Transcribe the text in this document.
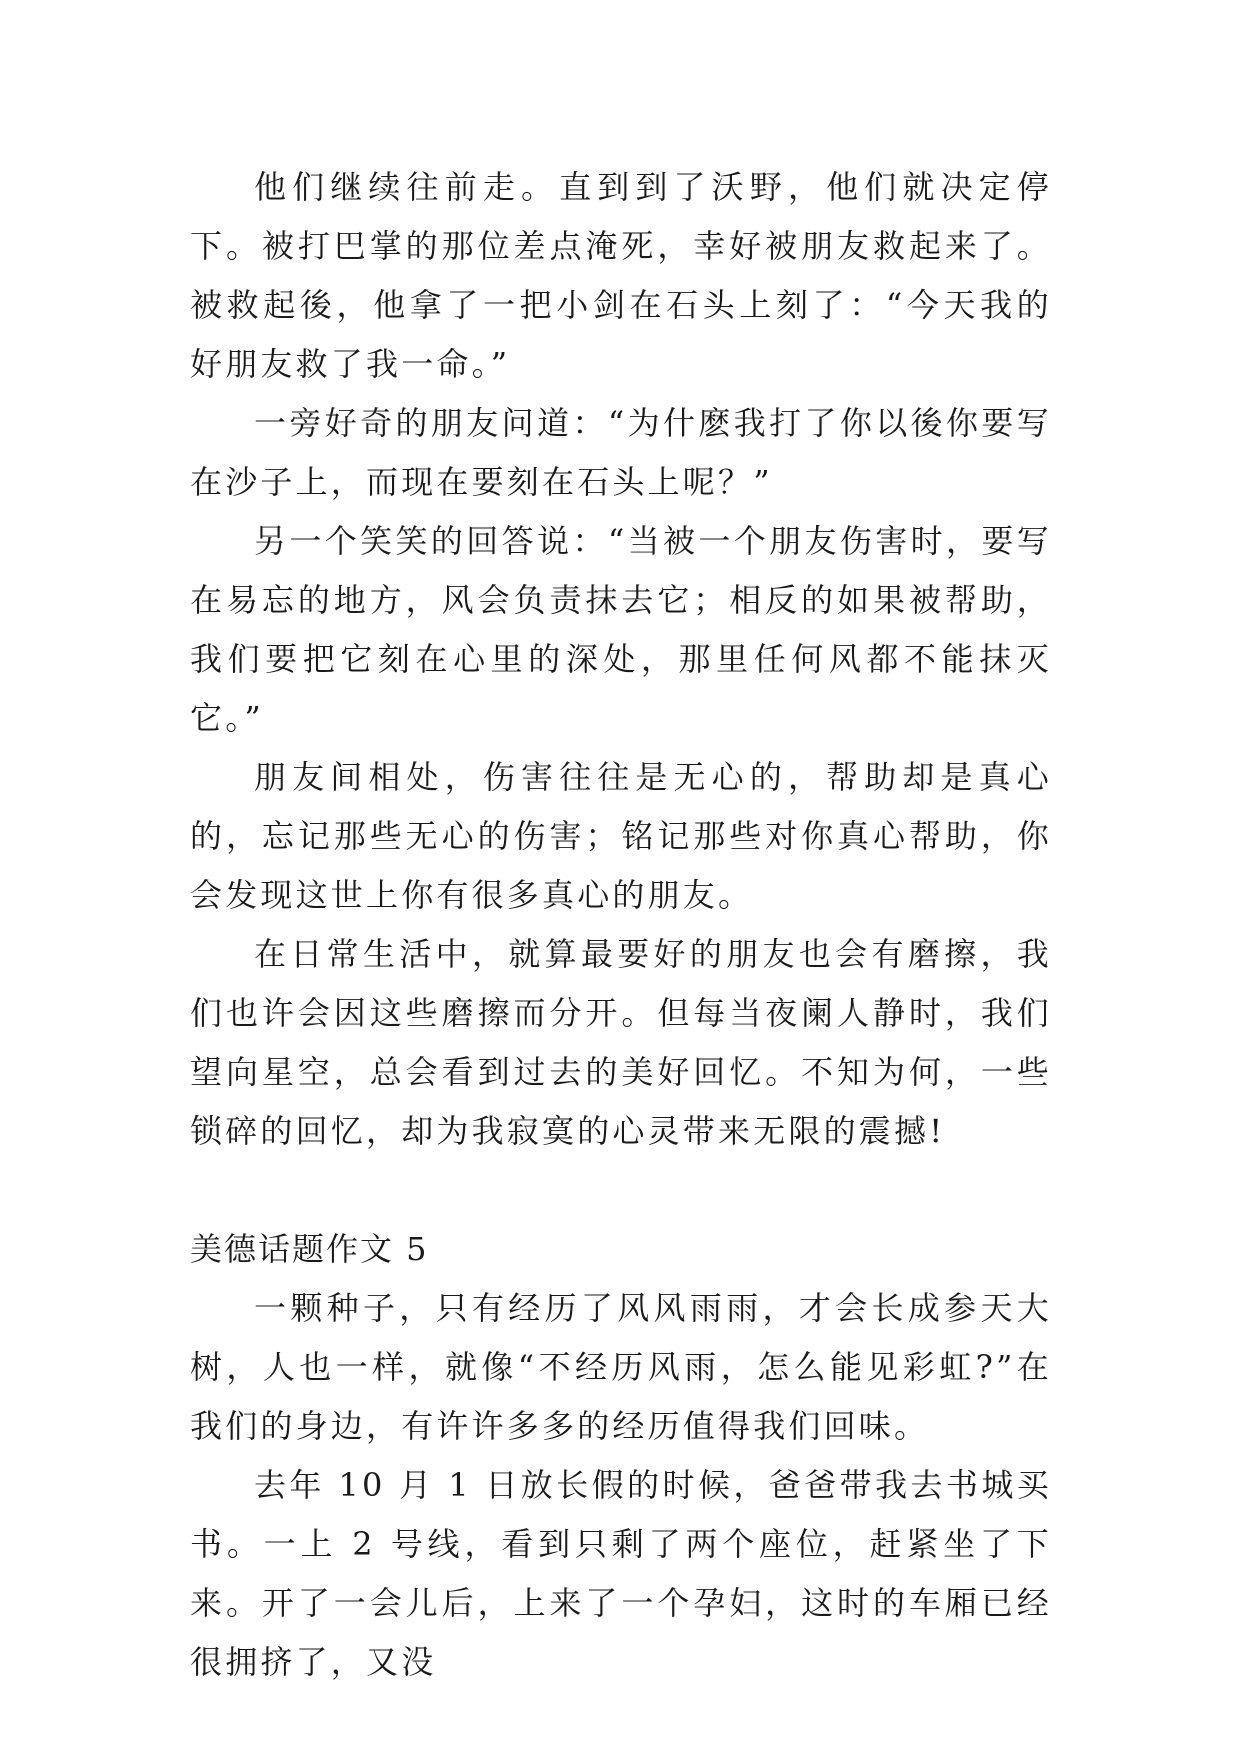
他们继续往前走。直到到了沃野，他们就决定停下。被打巴掌的那位差点淹死，幸好被朋友救起来了。被救起後，他拿了一把小剑在石头上刻了：“今天我的好朋友救了我一命。”

一旁好奇的朋友问道：“为什麽我打了你以後你要写在沙子上，而现在要刻在石头上呢？”

另一个笑笑的回答说：“当被一个朋友伤害时，要写在易忘的地方，风会负责抹去它；相反的如果被帮助，我们要把它刻在心里的深处，那里任何风都不能抹灭它。”

朋友间相处，伤害往往是无心的，帮助却是真心的，忘记那些无心的伤害；铭记那些对你真心帮助，你会发现这世上你有很多真心的朋友。

在日常生活中，就算最要好的朋友也会有磨擦，我们也许会因这些磨擦而分开。但每当夜阑人静时，我们望向星空，总会看到过去的美好回忆。不知为何，一些锁碎的回忆，却为我寂寞的心灵带来无限的震撼!

美德话题作文 5

一颗种子，只有经历了风风雨雨，才会长成参天大树，人也一样，就像“不经历风雨，怎么能见彩虹?”在我们的身边，有许许多多的经历值得我们回味。

去年 10 月 1 日放长假的时候，爸爸带我去书城买书。一上 2 号线，看到只剩了两个座位，赶紧坐了下来。开了一会儿后，上来了一个孕妇，这时的车厢已经很拥挤了，又没
